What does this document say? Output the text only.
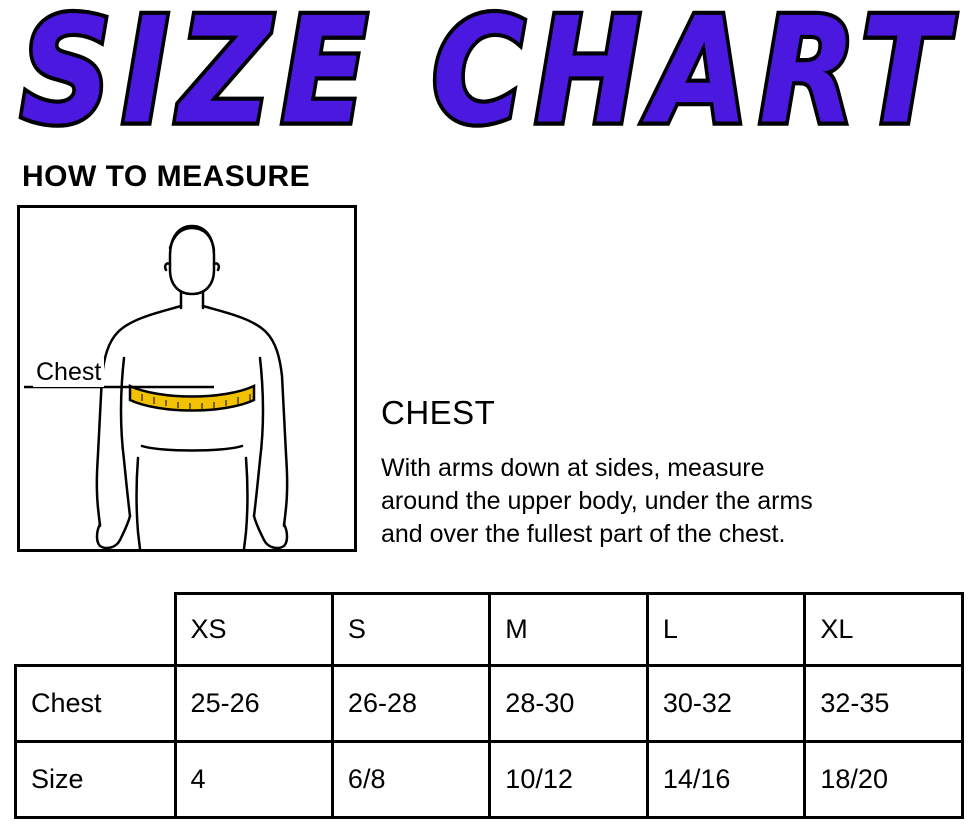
SIZE CHART
HOW TO MEASURE
Chest
CHEST
With arms down at sides, measure
around the upper body, under the arms
and over the fullest part of the chest.
	XS	S	M	L	XL
Chest	25-26	26-28	28-30	30-32	32-35
Size	4	6/8	10/12	14/16	18/20
